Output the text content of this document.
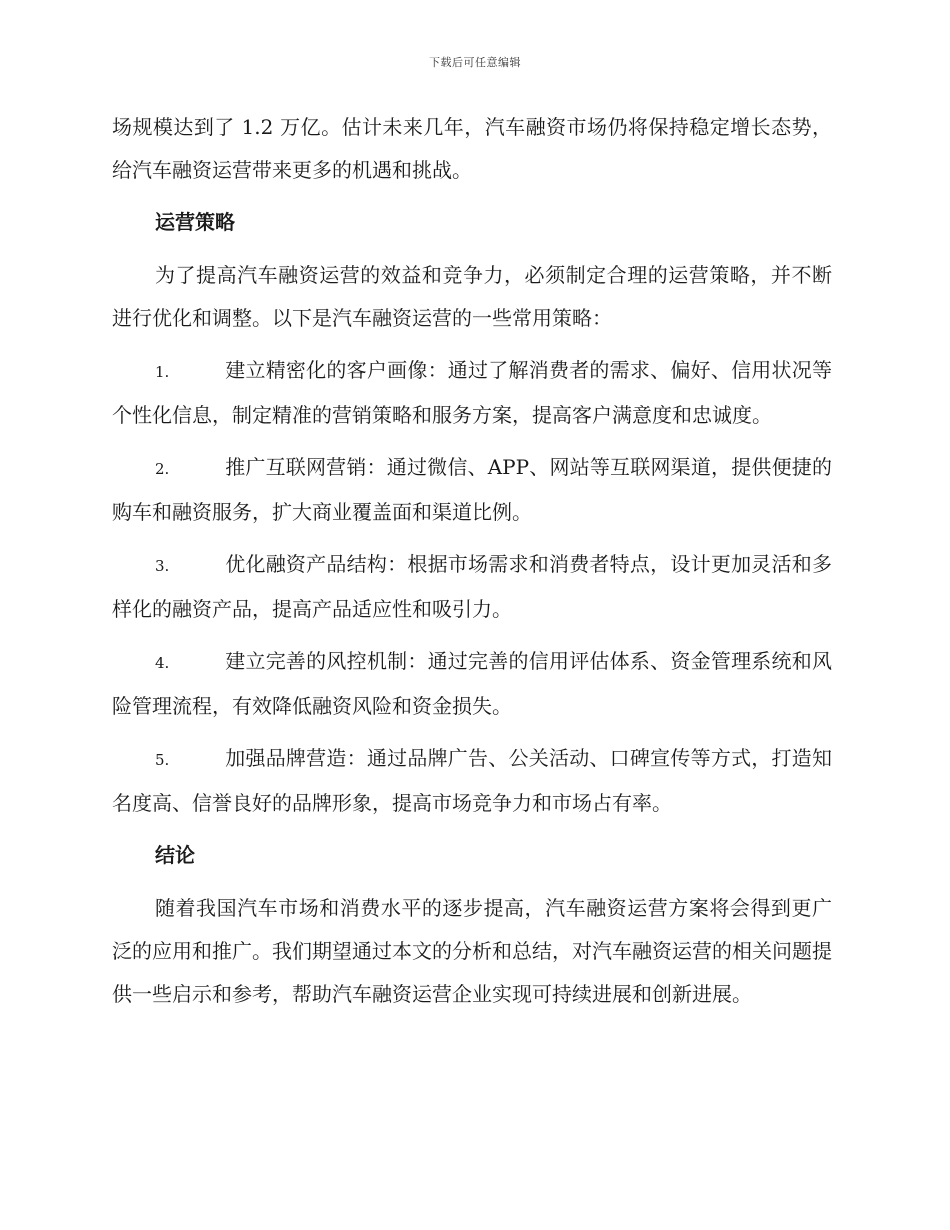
下载后可任意编辑

场规模达到了 1.2 万亿。估计未来几年，汽车融资市场仍将保持稳定增长态势，给汽车融资运营带来更多的机遇和挑战。

运营策略

为了提高汽车融资运营的效益和竞争力，必须制定合理的运营策略，并不断进行优化和调整。以下是汽车融资运营的一些常用策略：

1.	建立精密化的客户画像：通过了解消费者的需求、偏好、信用状况等个性化信息，制定精准的营销策略和服务方案，提高客户满意度和忠诚度。

2.	推广互联网营销：通过微信、APP、网站等互联网渠道，提供便捷的购车和融资服务，扩大商业覆盖面和渠道比例。

3.	优化融资产品结构：根据市场需求和消费者特点，设计更加灵活和多样化的融资产品，提高产品适应性和吸引力。

4.	建立完善的风控机制：通过完善的信用评估体系、资金管理系统和风险管理流程，有效降低融资风险和资金损失。

5.	加强品牌营造：通过品牌广告、公关活动、口碑宣传等方式，打造知名度高、信誉良好的品牌形象，提高市场竞争力和市场占有率。

结论

随着我国汽车市场和消费水平的逐步提高，汽车融资运营方案将会得到更广泛的应用和推广。我们期望通过本文的分析和总结，对汽车融资运营的相关问题提供一些启示和参考，帮助汽车融资运营企业实现可持续进展和创新进展。
